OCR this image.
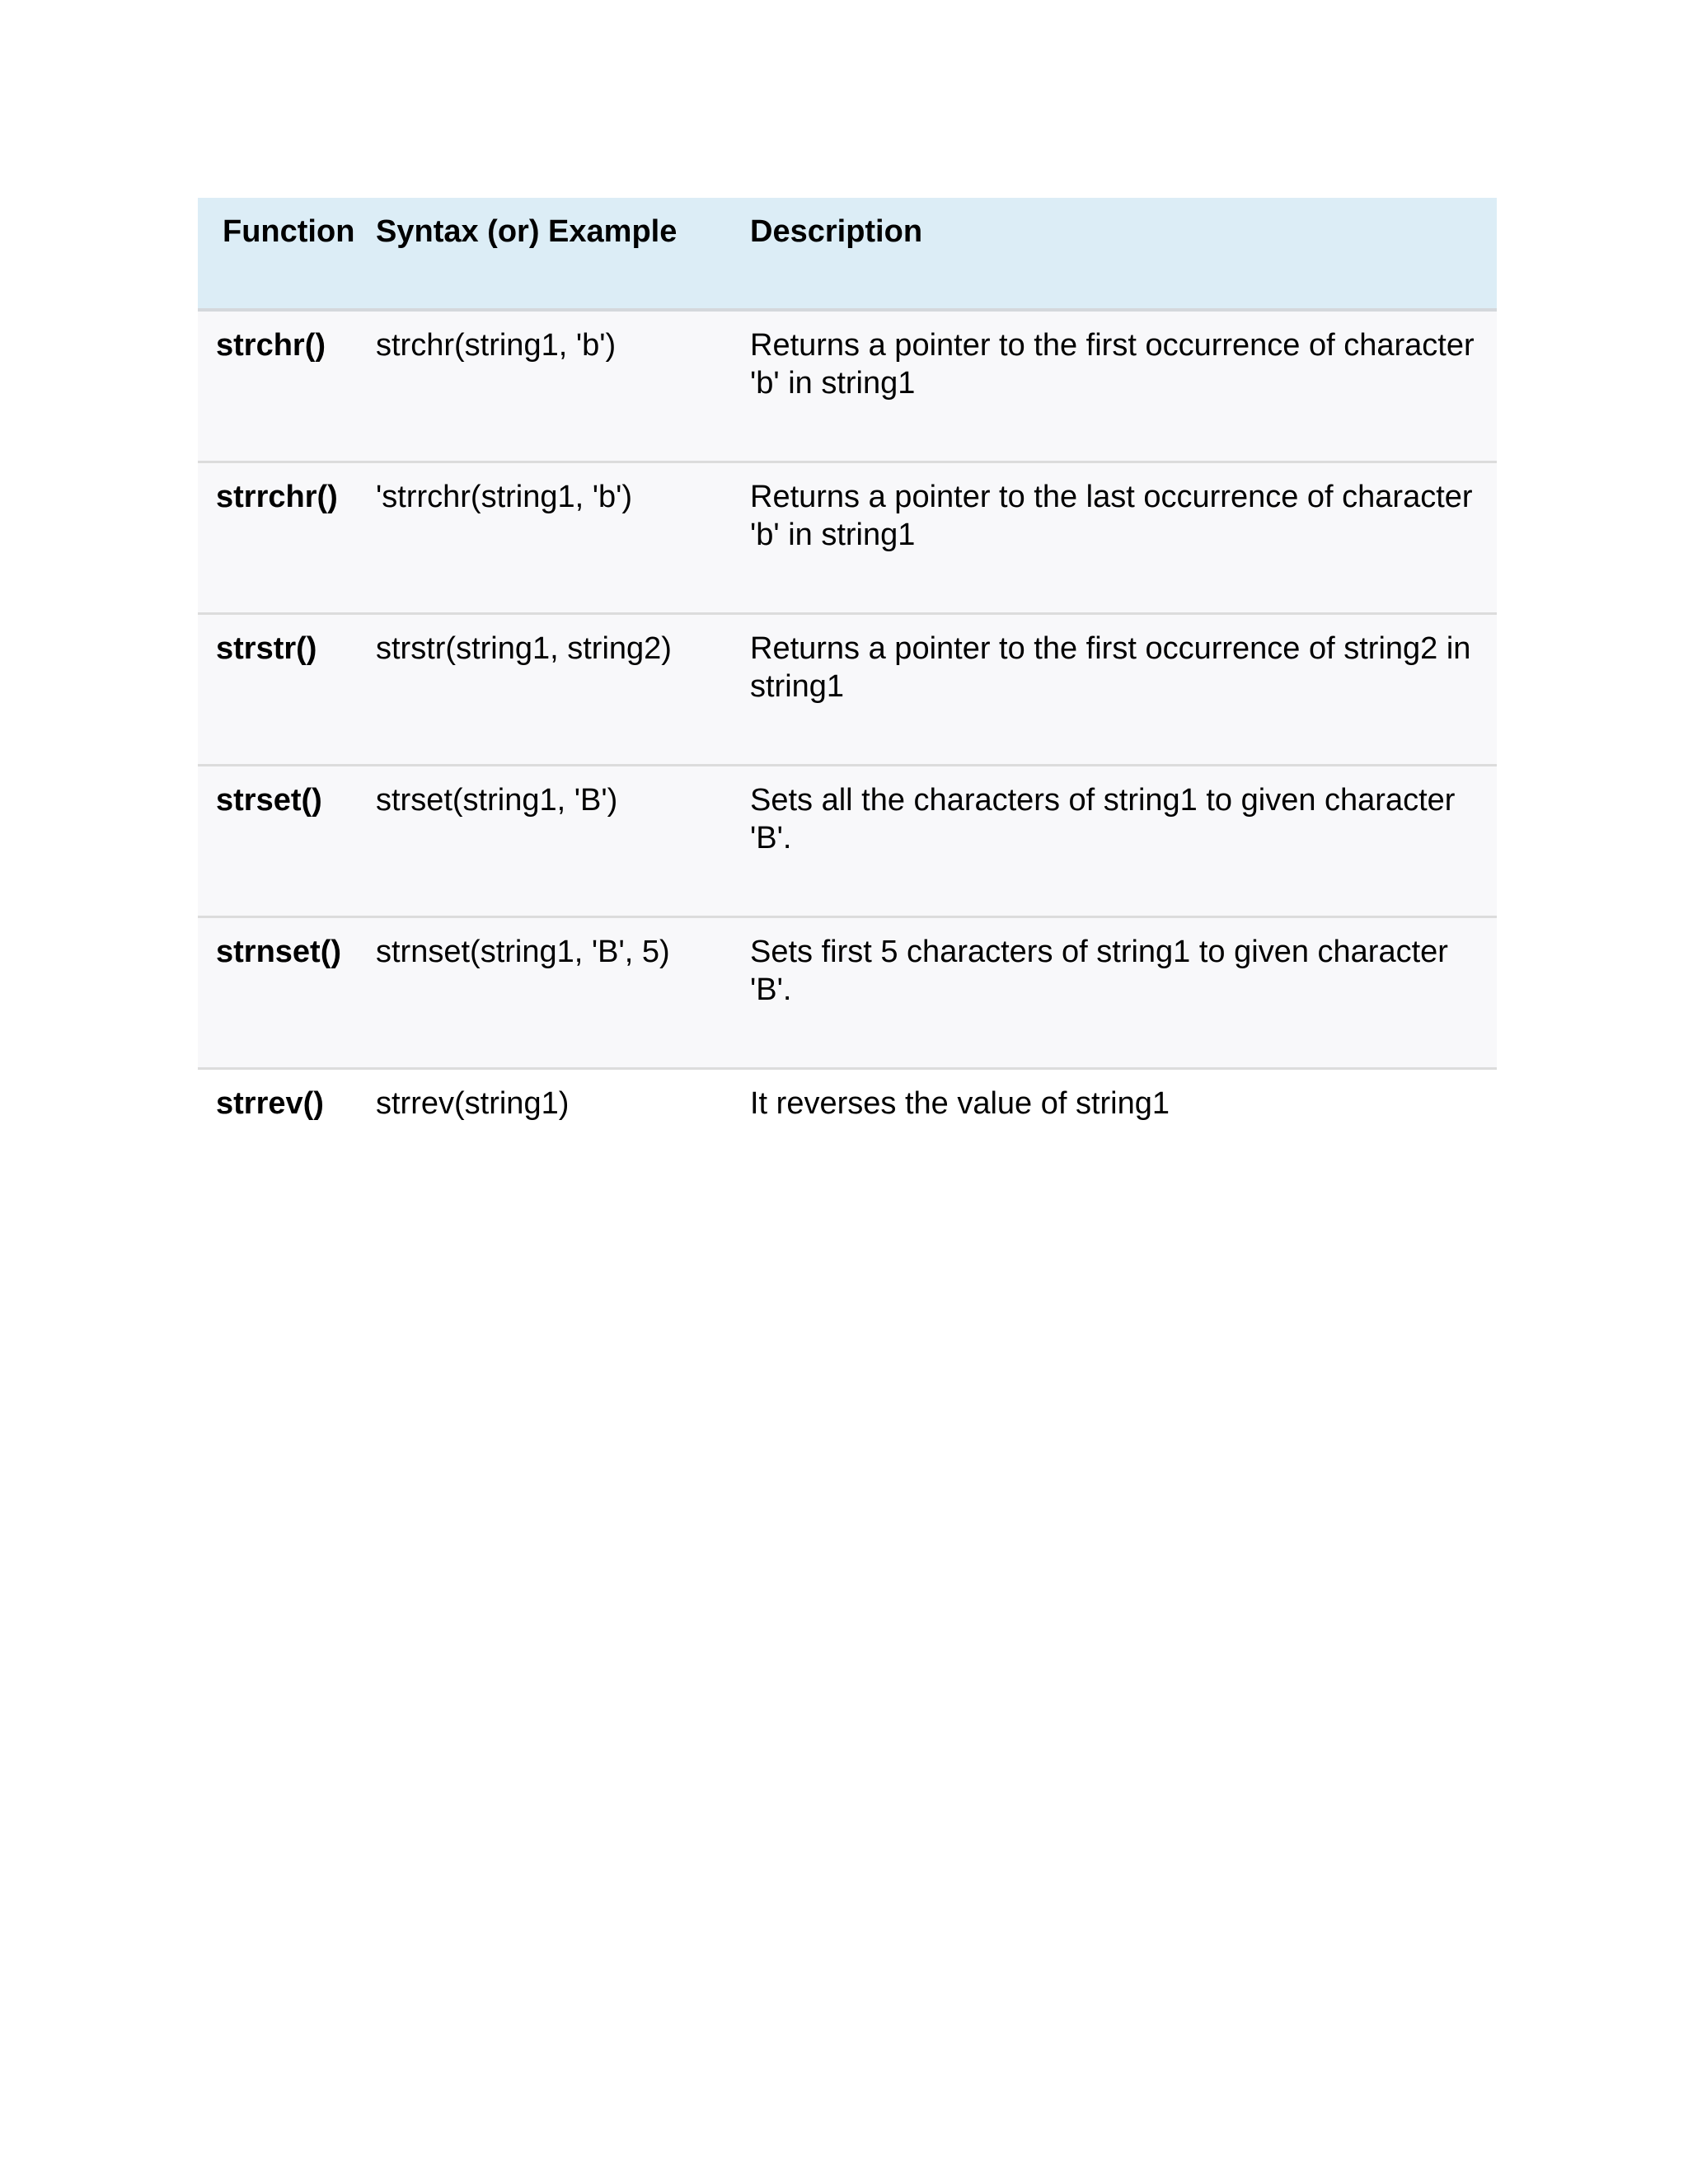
Function	Syntax (or) Example	Description
strchr()	strchr(string1, 'b')	Returns a pointer to the first occurrence of character 'b' in string1
strrchr()	'strrchr(string1, 'b')	Returns a pointer to the last occurrence of character 'b' in string1
strstr()	strstr(string1, string2)	Returns a pointer to the first occurrence of string2 in string1
strset()	strset(string1, 'B')	Sets all the characters of string1 to given character 'B'.
strnset()	strnset(string1, 'B', 5)	Sets first 5 characters of string1 to given character 'B'.
strrev()	strrev(string1)	It reverses the value of string1
